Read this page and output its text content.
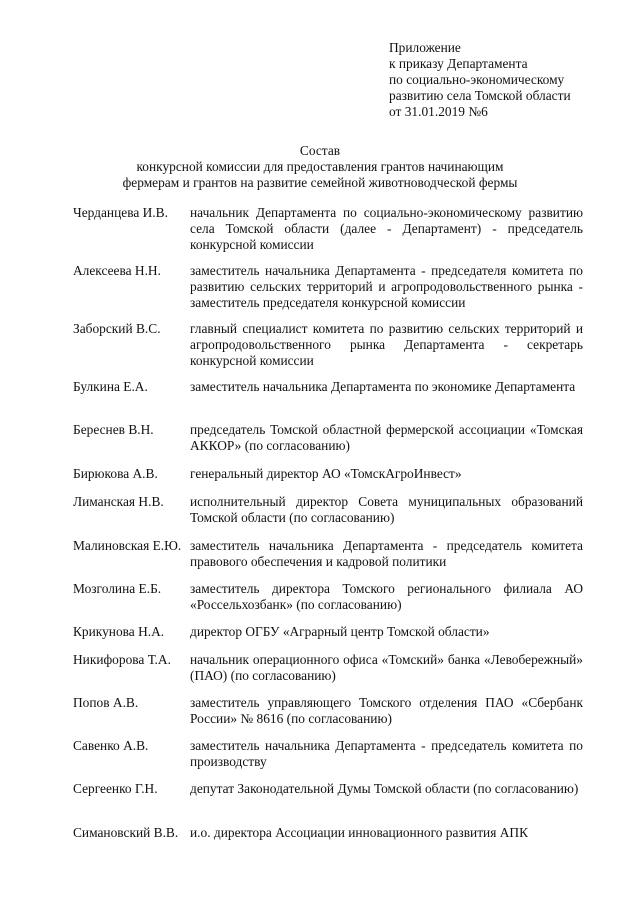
Приложение
к приказу Департамента
по социально-экономическому
развитию села Томской области
от 31.01.2019 №6
Состав
конкурсной комиссии для предоставления грантов начинающим
фермерам и грантов на развитие семейной животноводческой фермы
Черданцева И.В.	начальник Департамента по социально-экономическому развитию села Томской области (далее - Департамент) - председатель конкурсной комиссии
Алексеева Н.Н.	заместитель начальника Департамента - председателя комитета по развитию сельских территорий и агропродовольственного рынка - заместитель председателя конкурсной комиссии
Заборский В.С.	главный специалист комитета по развитию сельских территорий и агропродовольственного рынка Департамента - секретарь конкурсной комиссии
Булкина Е.А.	заместитель начальника Департамента по экономике Департамента
Береснев В.Н.	председатель Томской областной фермерской ассоциации «Томская АККОР» (по согласованию)
Бирюкова А.В.	генеральный директор АО «ТомскАгроИнвест»
Лиманская Н.В.	исполнительный директор Совета муниципальных образований Томской области (по согласованию)
Малиновская Е.Ю. заместитель начальника Департамента - председатель комитета правового обеспечения и кадровой политики
Мозголина Е.Б.	заместитель директора Томского регионального филиала АО «Россельхозбанк» (по согласованию)
Крикунова Н.А.	директор ОГБУ «Аграрный центр Томской области»
Никифорова Т.А.	начальник операционного офиса «Томский» банка «Левобережный» (ПАО) (по согласованию)
Попов А.В.	заместитель управляющего Томского отделения ПАО «Сбербанк России» № 8616 (по согласованию)
Савенко А.В.	заместитель начальника Департамента - председатель комитета по производству
Сергеенко Г.Н.	депутат Законодательной Думы Томской области (по согласованию)
Симановский В.В. и.о. директора Ассоциации инновационного развития АПК
